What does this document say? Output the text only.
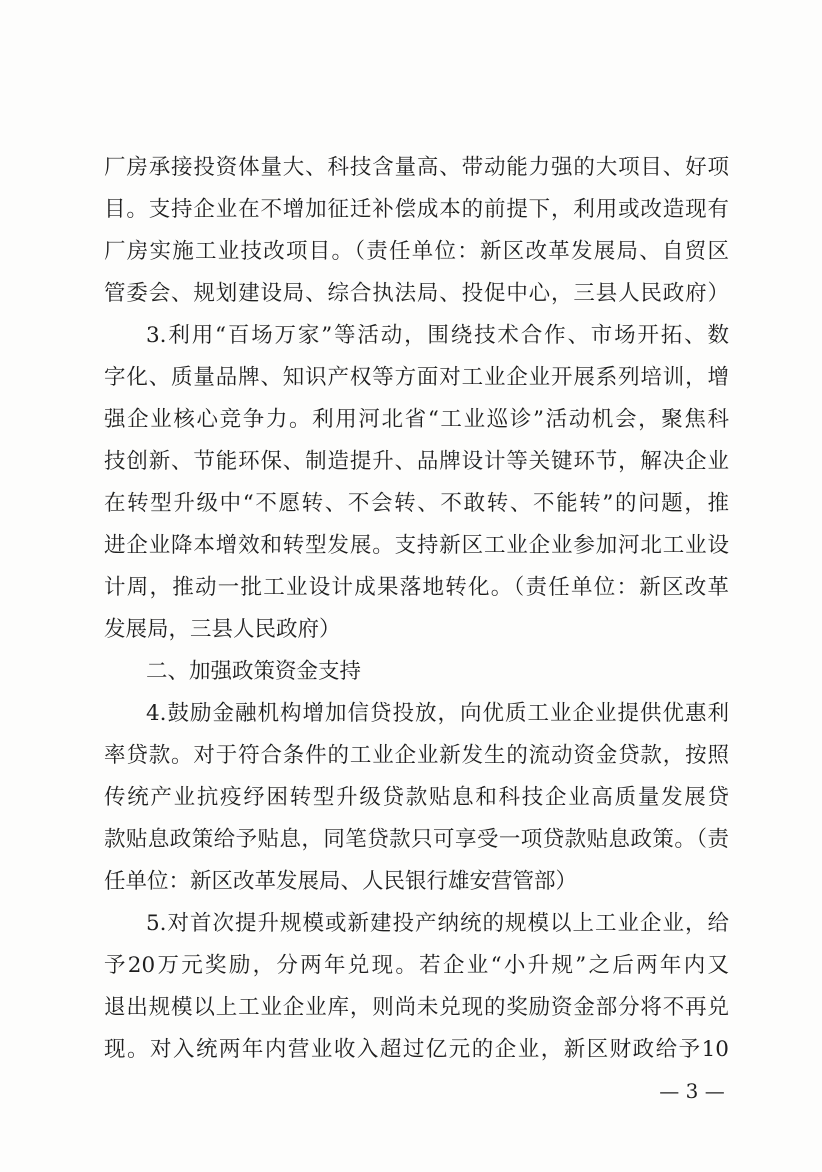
厂房承接投资体量大、科技含量高、带动能力强的大项目、好项
目。支持企业在不增加征迁补偿成本的前提下，利用或改造现有
厂房实施工业技改项目。（责任单位：新区改革发展局、自贸区
管委会、规划建设局、综合执法局、投促中心，三县人民政府）
3.利用“百场万家”等活动，围绕技术合作、市场开拓、数
字化、质量品牌、知识产权等方面对工业企业开展系列培训，增
强企业核心竞争力。利用河北省“工业巡诊”活动机会，聚焦科
技创新、节能环保、制造提升、品牌设计等关键环节，解决企业
在转型升级中“不愿转、不会转、不敢转、不能转”的问题，推
进企业降本增效和转型发展。支持新区工业企业参加河北工业设
计周，推动一批工业设计成果落地转化。（责任单位：新区改革
发展局，三县人民政府）
二、加强政策资金支持
4.鼓励金融机构增加信贷投放，向优质工业企业提供优惠利
率贷款。对于符合条件的工业企业新发生的流动资金贷款，按照
传统产业抗疫纾困转型升级贷款贴息和科技企业高质量发展贷
款贴息政策给予贴息，同笔贷款只可享受一项贷款贴息政策。（责
任单位：新区改革发展局、人民银行雄安营管部）
5.对首次提升规模或新建投产纳统的规模以上工业企业，给
予20万元奖励，分两年兑现。若企业“小升规”之后两年内又
退出规模以上工业企业库，则尚未兑现的奖励资金部分将不再兑
现。对入统两年内营业收入超过亿元的企业，新区财政给予10
— 3 —
